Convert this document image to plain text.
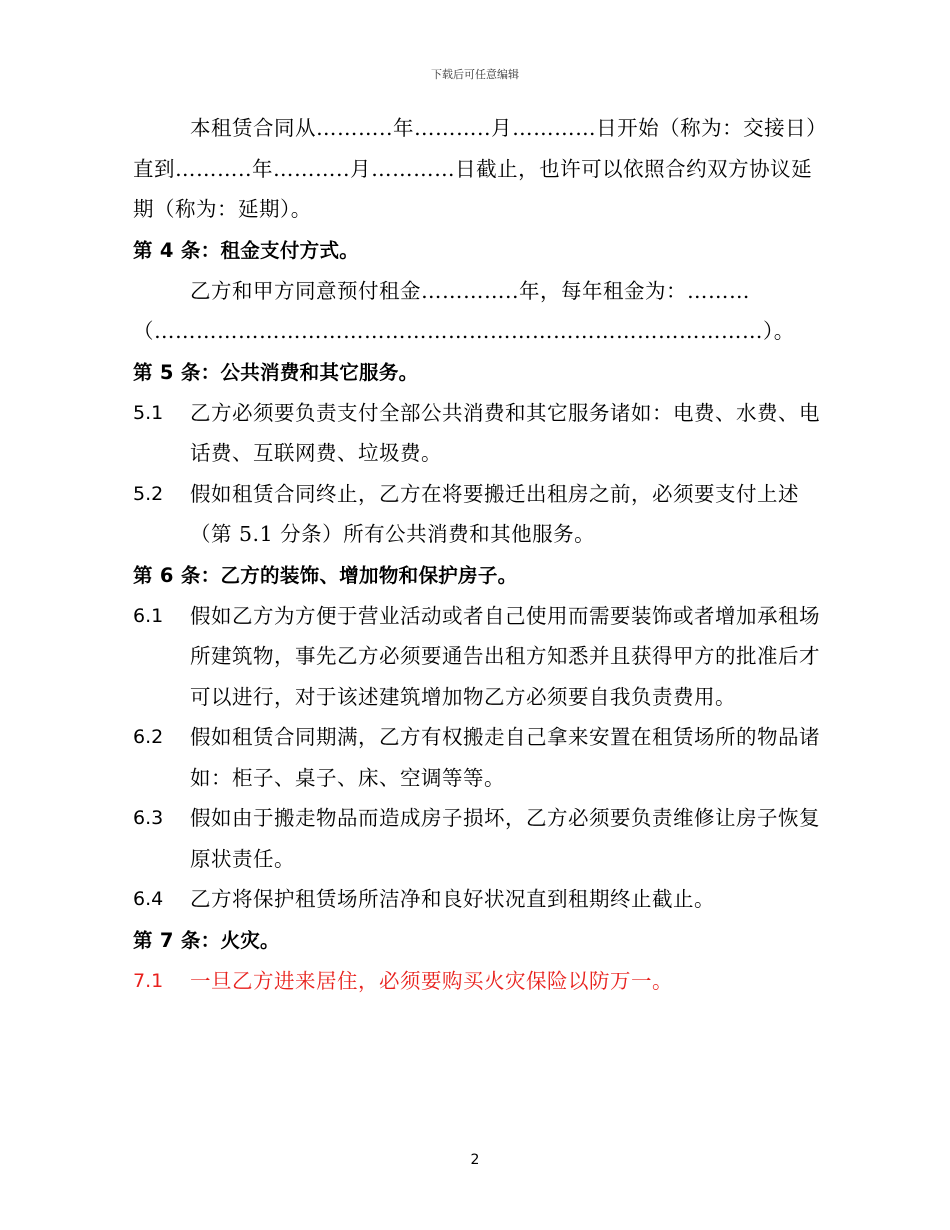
下载后可任意编辑

本租赁合同从………..年………..月…………日开始（称为：交接日）直到………..年………..月…………日截止，也许可以依照合约双方协议延期（称为：延期）。

第 4 条：租金支付方式。

乙方和甲方同意预付租金…………..年，每年租金为：………（……………………………………………………………………………）。

第 5 条：公共消费和其它服务。

5.1	乙方必须要负责支付全部公共消费和其它服务诸如：电费、水费、电话费、互联网费、垃圾费。
5.2	假如租赁合同终止，乙方在将要搬迁出租房之前，必须要支付上述（第 5.1 分条）所有公共消费和其他服务。

第 6 条：乙方的装饰、增加物和保护房子。

6.1	假如乙方为方便于营业活动或者自己使用而需要装饰或者增加承租场所建筑物，事先乙方必须要通告出租方知悉并且获得甲方的批准后才可以进行，对于该述建筑增加物乙方必须要自我负责费用。
6.2	假如租赁合同期满，乙方有权搬走自己拿来安置在租赁场所的物品诸如：柜子、桌子、床、空调等等。
6.3	假如由于搬走物品而造成房子损坏，乙方必须要负责维修让房子恢复原状责任。
6.4	乙方将保护租赁场所洁净和良好状况直到租期终止截止。

第 7 条：火灾。

7.1	一旦乙方进来居住，必须要购买火灾保险以防万一。
2
